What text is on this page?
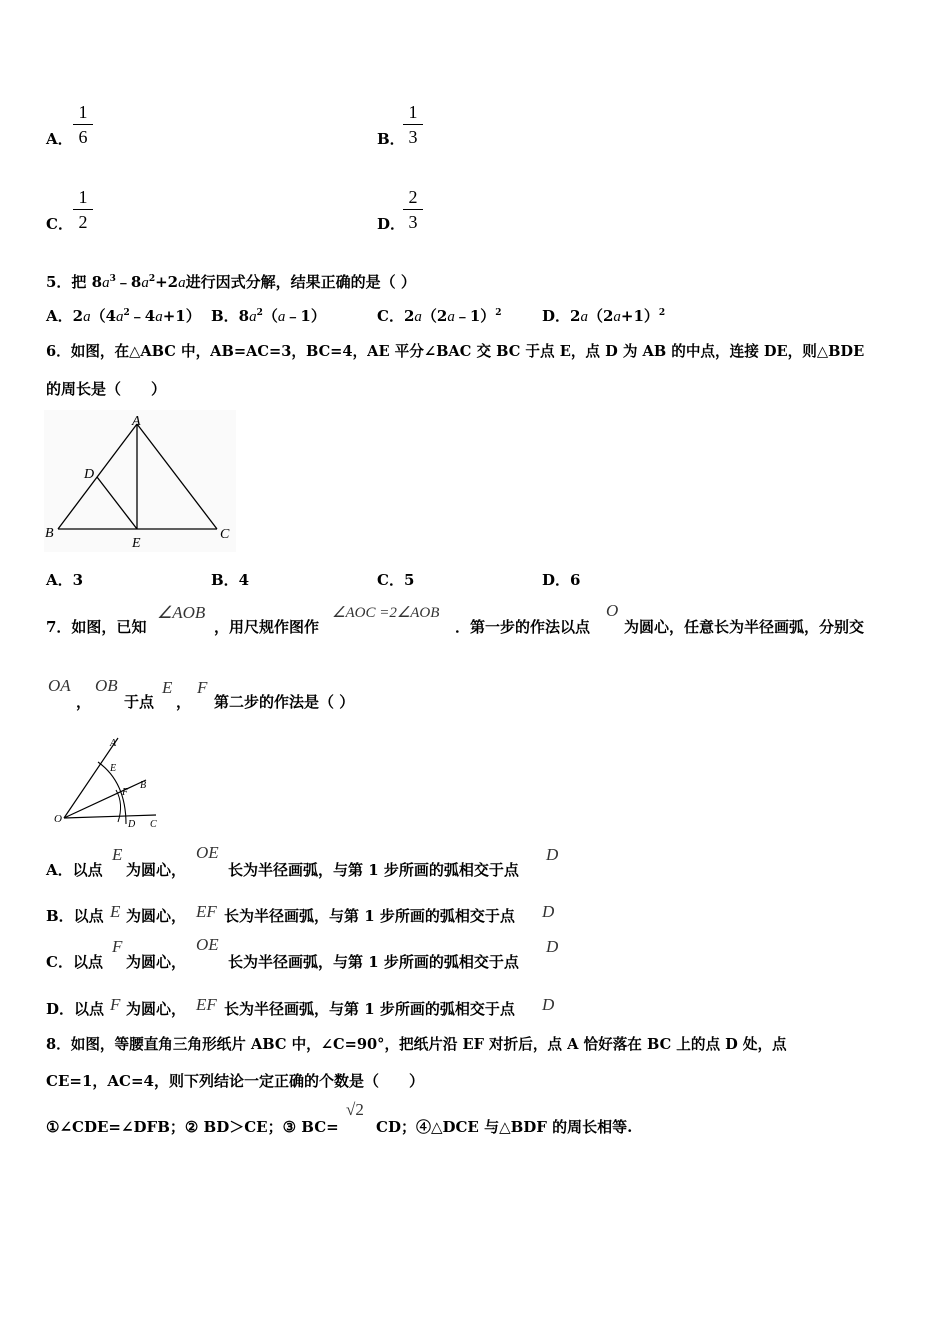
A．
1
6	B．
1
3
C．
1
2	D．
2
3
5．把 $8a^3﹣8a^2+2a$进行因式分解，结果正确的是（ ）
A．$2a(4a^2﹣4a+1)$ B．$8a^2(a﹣1)$	C．2a（2a﹣1）$^2$	D．$2a(2a+1)^2$
6．如图，在△ABC 中，AB=AC=3，BC=4，AE 平分∠BAC 交 BC 于点 E，点 D 为 AB 的中点，连接 DE，则△BDE
的周长是（　　）
A
B	C
D
E
A．3	B．4	C．5	D．6
7．如图，已知
∠AOB
，用尺规作图作
∠AOC =2∠AOB
．第一步的作法以点
O
为圆心，任意长为半径画弧，分别交
OA
，
OB
于点
E
，
F
第二步的作法是（ ）
A
E
B
F
O	D C
A．以点
E
为圆心，
OE
长为半径画弧，与第 1 步所画的弧相交于点
D
B．以点 E 为圆心， EF 长为半径画弧，与第 1 步所画的弧相交于点 D
C．以点
F
为圆心，
OE
长为半径画弧，与第 1 步所画的弧相交于点
D
D．以点 F 为圆心， EF 长为半径画弧，与第 1 步所画的弧相交于点 D
8．如图，等腰直角三角形纸片 ABC 中，∠C=90°，把纸片沿 EF 对折后，点 A 恰好落在 BC 上的点 D 处，点
CE=1，AC=4，则下列结论一定正确的个数是（　　）
①∠CDE=∠DFB；② BD＞CE；③ BC=
√2
CD；④△DCE 与△BDF 的周长相等.
